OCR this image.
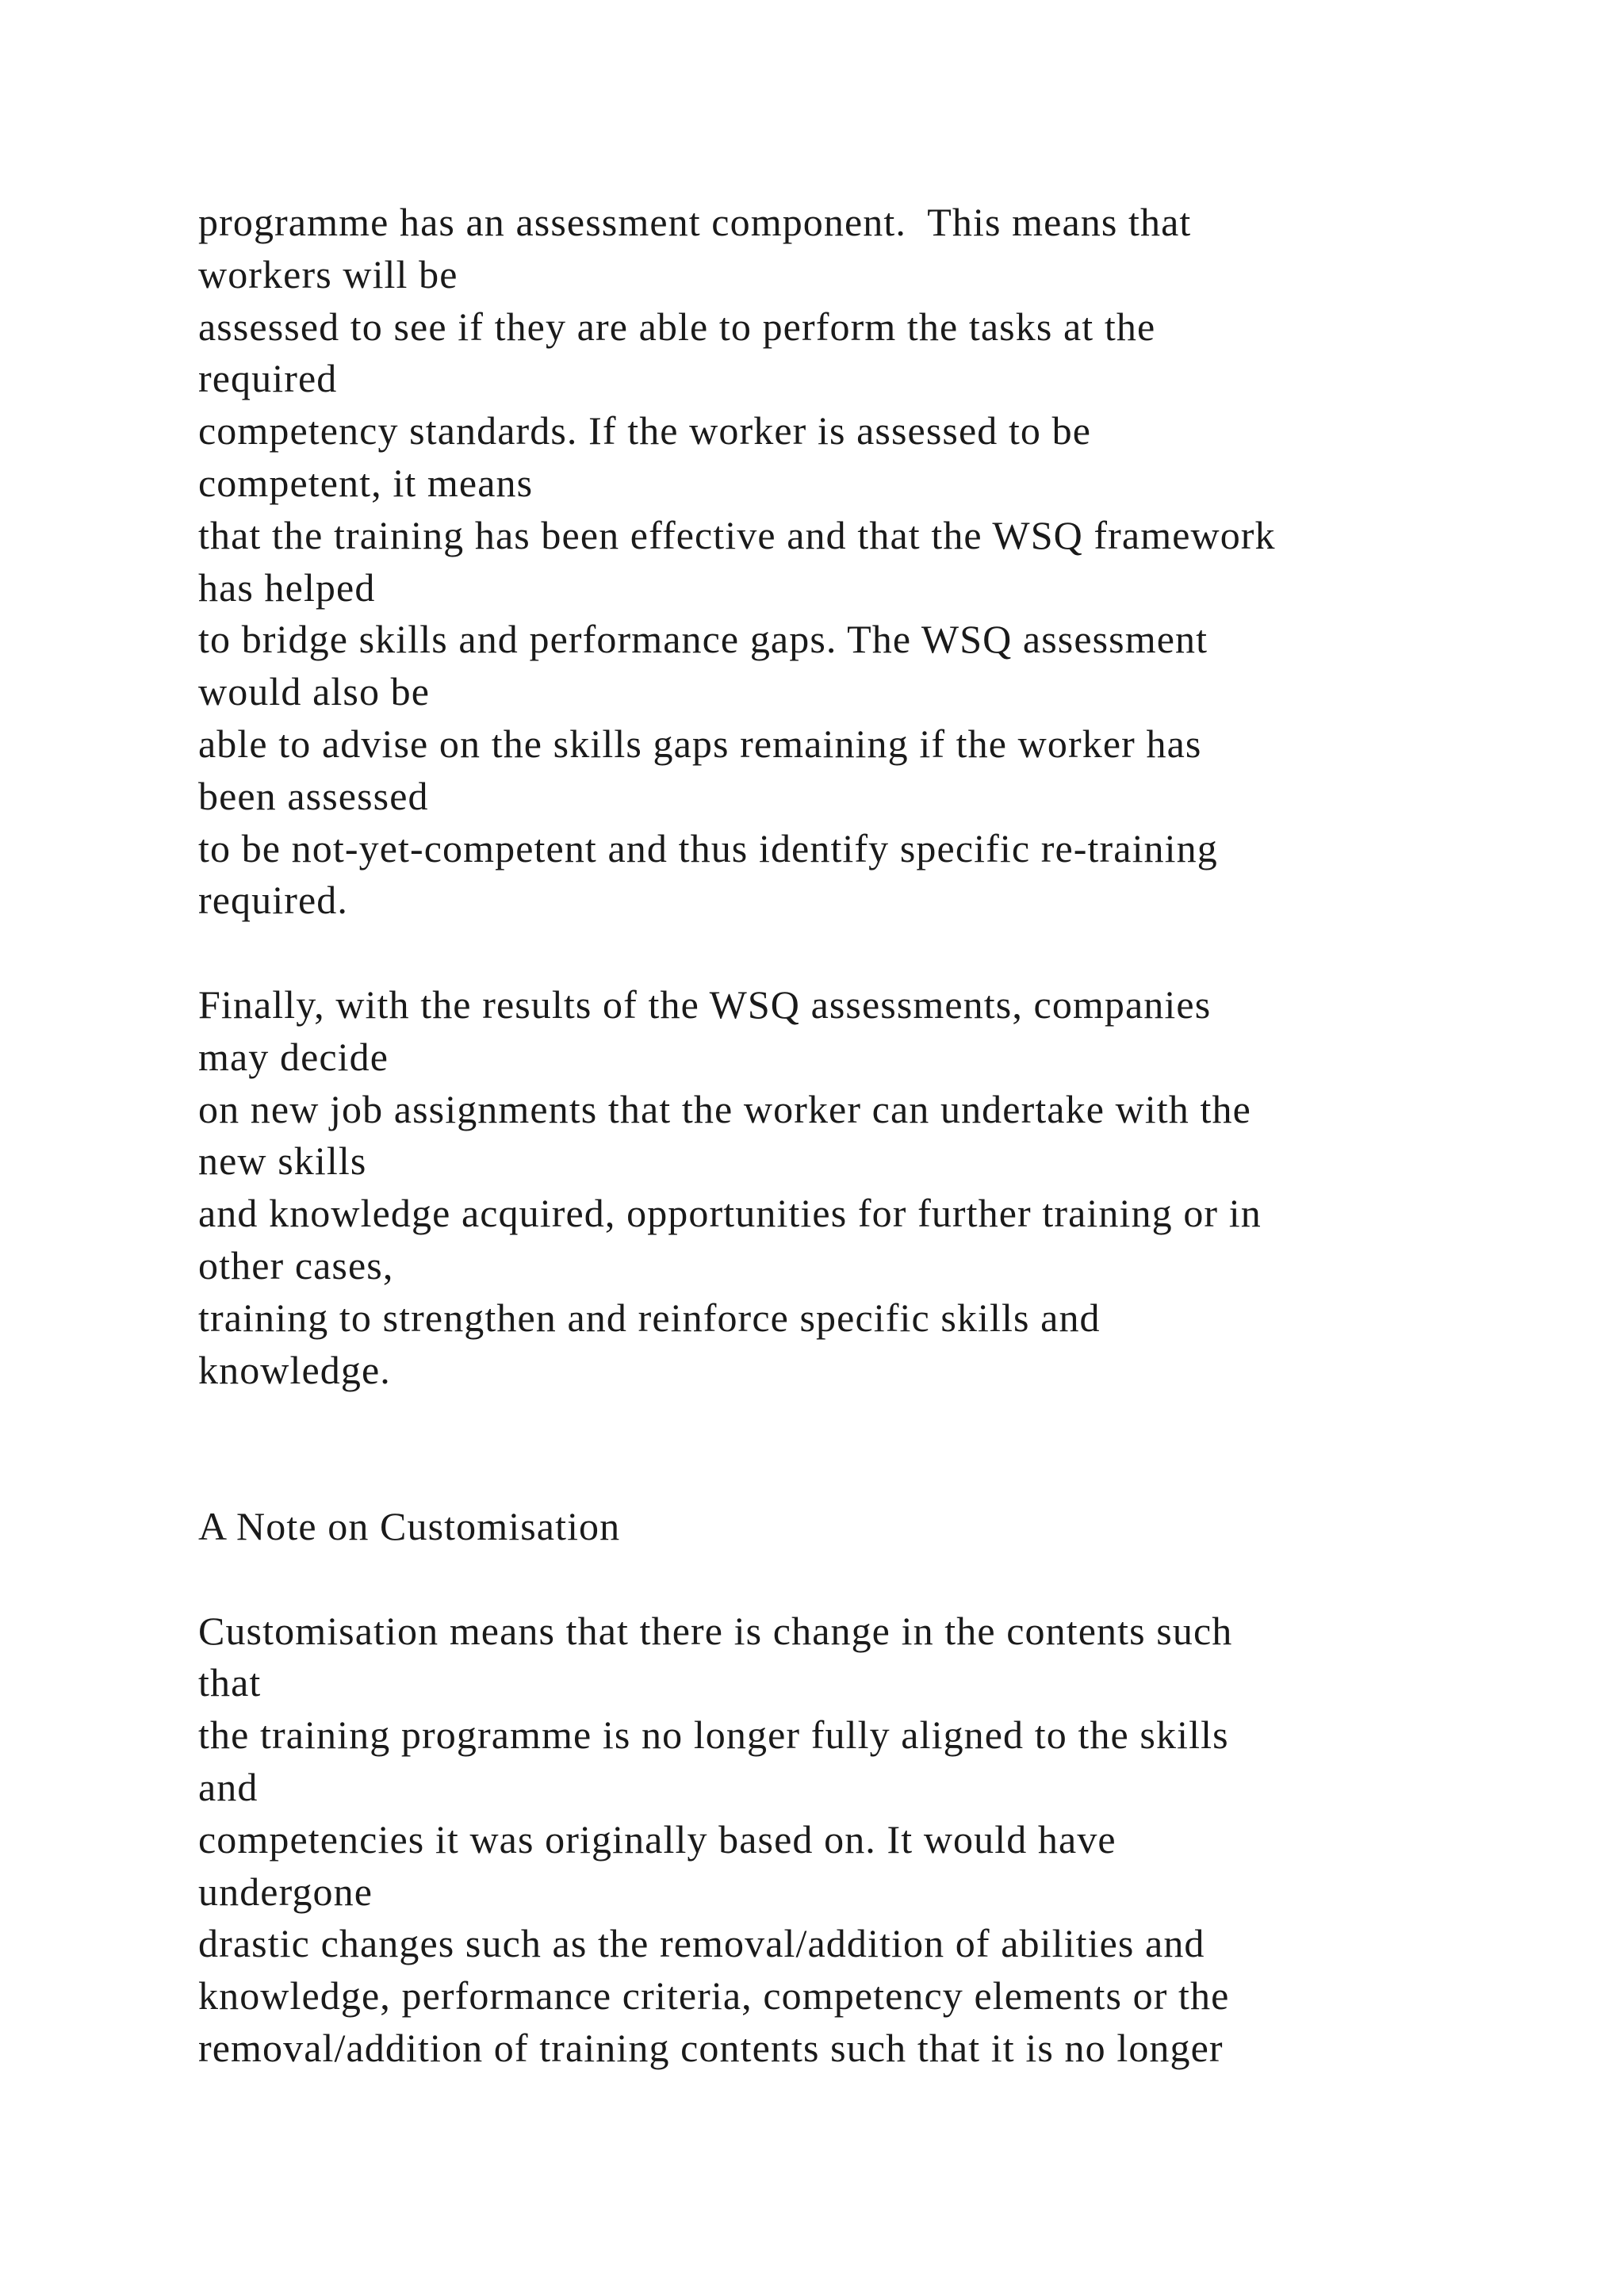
programme has an assessment component.  This means that
workers will be
assessed to see if they are able to perform the tasks at the
required
competency standards. If the worker is assessed to be
competent, it means
that the training has been effective and that the WSQ framework
has helped
to bridge skills and performance gaps. The WSQ assessment
would also be
able to advise on the skills gaps remaining if the worker has
been assessed
to be not-yet-competent and thus identify specific re-training
required.
Finally, with the results of the WSQ assessments, companies
may decide
on new job assignments that the worker can undertake with the
new skills
and knowledge acquired, opportunities for further training or in
other cases,
training to strengthen and reinforce specific skills and
knowledge.
A Note on Customisation
Customisation means that there is change in the contents such
that
the training programme is no longer fully aligned to the skills
and
competencies it was originally based on. It would have
undergone
drastic changes such as the removal/addition of abilities and
knowledge, performance criteria, competency elements or the
removal/addition of training contents such that it is no longer
